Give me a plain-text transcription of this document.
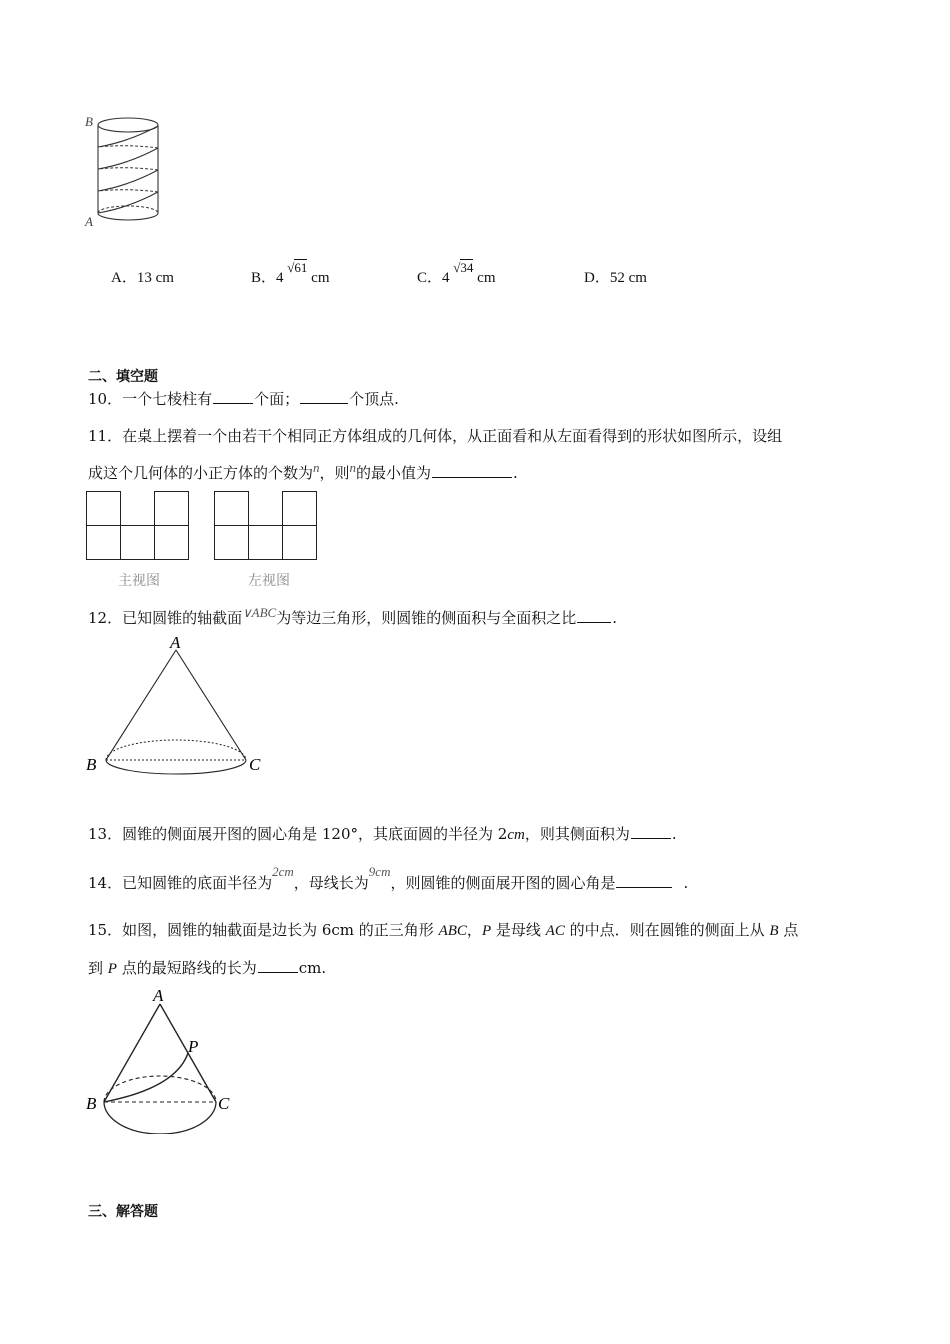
B
A
A．13 cm	B．4 √61 cm	C．4 √34 cm	D．52 cm
二、填空题
10．一个七棱柱有	个面；	个顶点.
11．在桌上摆着一个由若干个相同正方体组成的几何体，从正面看和从左面看得到的形状如图所示，设组
成这个几何体的小正方体的个数为n，则n的最小值为	.
主视图	左视图
12．已知圆锥的轴截面∨ABC为等边三角形，则圆锥的侧面积与全面积之比 .
A
B	C
13．圆锥的侧面展开图的圆心角是 120°，其底面圆的半径为 2cm，则其侧面积为	.
14．已知圆锥的底面半径为2cm，母线长为9cm，则圆锥的侧面展开图的圆心角是	.
15．如图，圆锥的轴截面是边长为 6cm 的正三角形 ABC，P 是母线 AC 的中点．则在圆锥的侧面上从 B 点
到 P 点的最短路线的长为	cm.
A
P
B	C
三、解答题
